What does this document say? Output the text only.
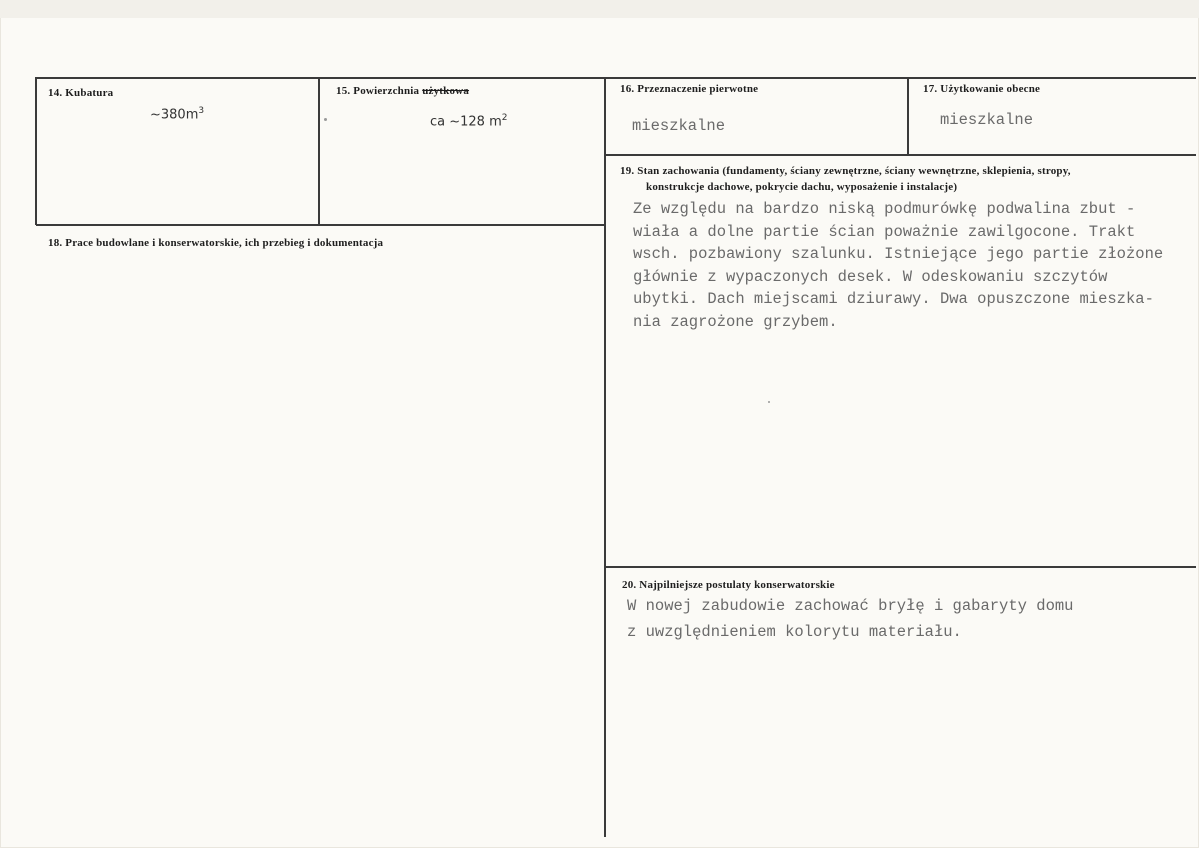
14. Kubatura
$\sim 380m^3$
15. Powierzchnia użytkowa
ca ~128 $m^2$
16. Przeznaczenie pierwotne
mieszkalne
17. Użytkowanie obecne
mieszkalne
18. Prace budowlane i konserwatorskie, ich przebieg i dokumentacja
19. Stan zachowania (fundamenty, ściany zewnętrzne, ściany wewnętrzne, sklepienia, stropy,
konstrukcje dachowe, pokrycie dachu, wyposażenie i instalacje)
Ze względu na bardzo niską podmurówkę podwalina zbut -
wiała a dolne partie ścian poważnie zawilgocone. Trakt
wsch. pozbawiony szalunku. Istniejące jego partie złożone
głównie z wypaczonych desek. W odeskowaniu szczytów
ubytki. Dach miejscami dziurawy. Dwa opuszczone mieszka-
nia zagrożone grzybem.
20. Najpilniejsze postulaty konserwatorskie
W nowej zabudowie zachować bryłę i gabaryty domu
z uwzględnieniem kolorytu materiału.
